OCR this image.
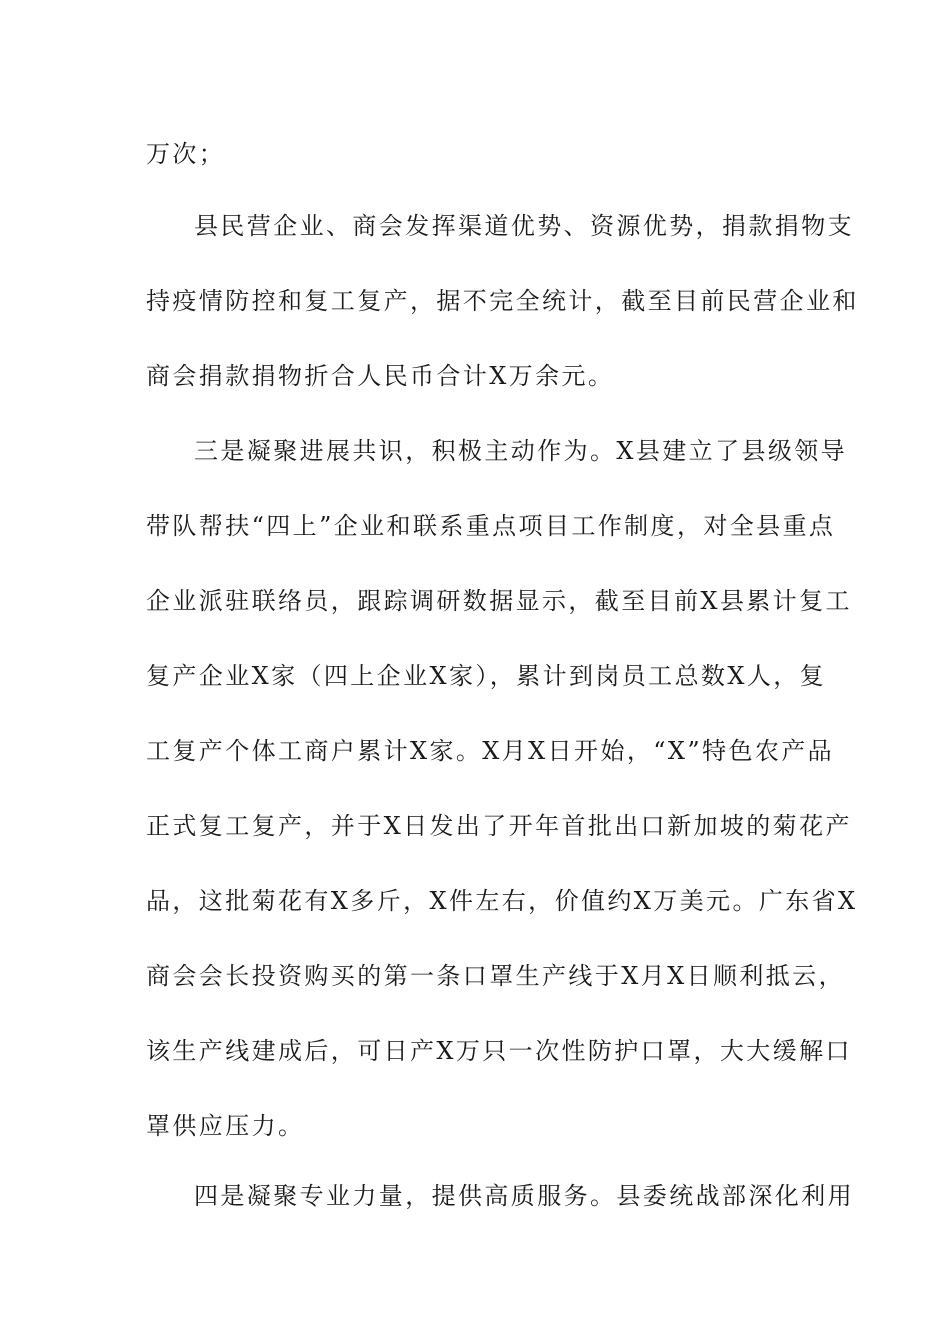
万次；
县民营企业、商会发挥渠道优势、资源优势，捐款捐物支
持疫情防控和复工复产，据不完全统计，截至目前民营企业和
商会捐款捐物折合人民币合计X万余元。
三是凝聚进展共识，积极主动作为。X县建立了县级领导
带队帮扶“四上”企业和联系重点项目工作制度，对全县重点
企业派驻联络员，跟踪调研数据显示，截至目前X县累计复工
复产企业X家（四上企业X家），累计到岗员工总数X人，复
工复产个体工商户累计X家。X月X日开始，“X”特色农产品
正式复工复产，并于X日发出了开年首批出口新加坡的菊花产
品，这批菊花有X多斤，X件左右，价值约X万美元。广东省X
商会会长投资购买的第一条口罩生产线于X月X日顺利抵云，
该生产线建成后，可日产X万只一次性防护口罩，大大缓解口
罩供应压力。
四是凝聚专业力量，提供高质服务。县委统战部深化利用
